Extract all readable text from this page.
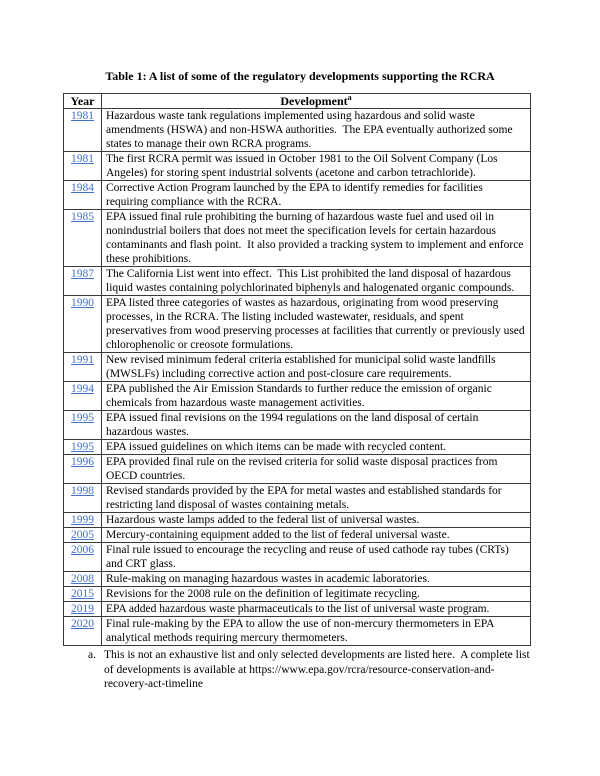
Table 1: A list of some of the regulatory developments supporting the RCRA
Year	Development$^a$
1981	Hazardous waste tank regulations implemented using hazardous and solid waste amendments (HSWA) and non-HSWA authorities.  The EPA eventually authorized some states to manage their own RCRA programs.
1981	The first RCRA permit was issued in October 1981 to the Oil Solvent Company (Los Angeles) for storing spent industrial solvents (acetone and carbon tetrachloride).
1984	Corrective Action Program launched by the EPA to identify remedies for facilities requiring compliance with the RCRA.
1985	EPA issued final rule prohibiting the burning of hazardous waste fuel and used oil in nonindustrial boilers that does not meet the specification levels for certain hazardous contaminants and flash point.  It also provided a tracking system to implement and enforce these prohibitions.
1987	The California List went into effect.  This List prohibited the land disposal of hazardous liquid wastes containing polychlorinated biphenyls and halogenated organic compounds.
1990	EPA listed three categories of wastes as hazardous, originating from wood preserving processes, in the RCRA. The listing included wastewater, residuals, and spent preservatives from wood preserving processes at facilities that currently or previously used chlorophenolic or creosote formulations.
1991	New revised minimum federal criteria established for municipal solid waste landfills (MWSLFs) including corrective action and post-closure care requirements.
1994	EPA published the Air Emission Standards to further reduce the emission of organic chemicals from hazardous waste management activities.
1995	EPA issued final revisions on the 1994 regulations on the land disposal of certain hazardous wastes.
1995	EPA issued guidelines on which items can be made with recycled content.
1996	EPA provided final rule on the revised criteria for solid waste disposal practices from OECD countries.
1998	Revised standards provided by the EPA for metal wastes and established standards for restricting land disposal of wastes containing metals.
1999	Hazardous waste lamps added to the federal list of universal wastes.
2005	Mercury-containing equipment added to the list of federal universal waste.
2006	Final rule issued to encourage the recycling and reuse of used cathode ray tubes (CRTs) and CRT glass.
2008	Rule-making on managing hazardous wastes in academic laboratories.
2015	Revisions for the 2008 rule on the definition of legitimate recycling.
2019	EPA added hazardous waste pharmaceuticals to the list of universal waste program.
2020	Final rule-making by the EPA to allow the use of non-mercury thermometers in EPA analytical methods requiring mercury thermometers.
a. This is not an exhaustive list and only selected developments are listed here.  A complete list of developments is available at https://www.epa.gov/rcra/resource-conservation-and-recovery-act-timeline
